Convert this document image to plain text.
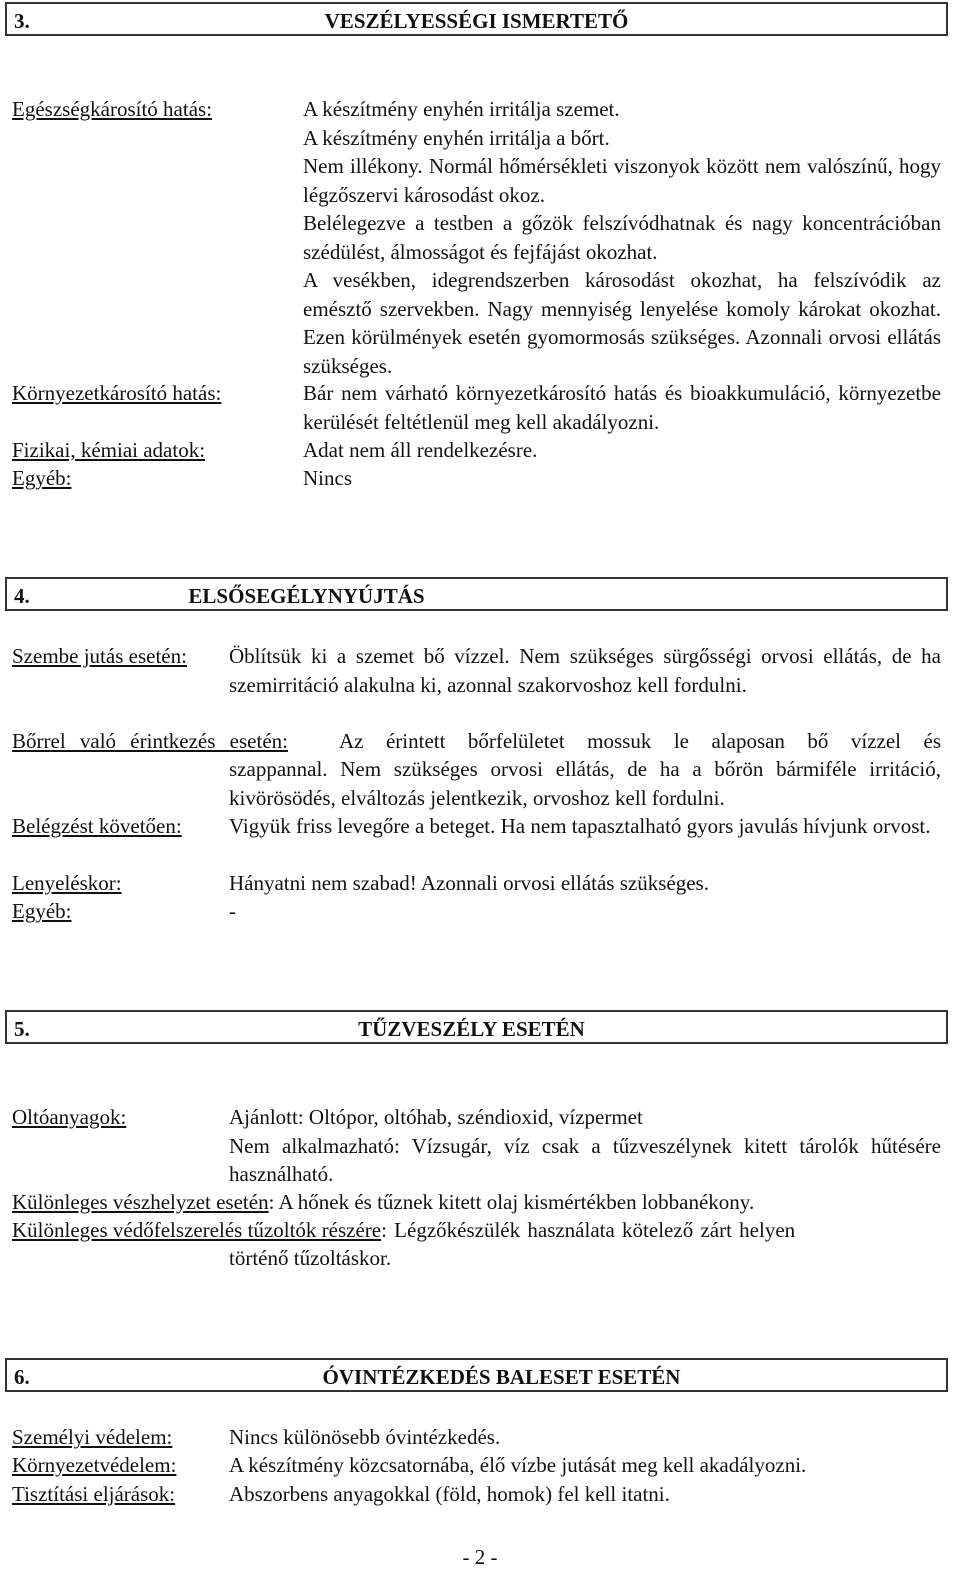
3.	VESZÉLYESSÉGI ISMERTETŐ
Egészségkárosító hatás:	A készítmény enyhén irritálja szemet.
A készítmény enyhén irritálja a bőrt.
Nem illékony. Normál hőmérsékleti viszonyok között nem valószínű, hogy légzőszervi károsodást okoz.
Belélegezve a testben a gőzök felszívódhatnak és nagy koncentrációban szédülést, álmosságot és fejfájást okozhat.
A vesékben, idegrendszerben károsodást okozhat, ha felszívódik az emésztő szervekben. Nagy mennyiség lenyelése komoly károkat okozhat. Ezen körülmények esetén gyomormosás szükséges. Azonnali orvosi ellátás szükséges.
Környezetkárosító hatás:	Bár nem várható környezetkárosító hatás és bioakkumuláció, környezetbe kerülését feltétlenül meg kell akadályozni.
Fizikai, kémiai adatok:	Adat nem áll rendelkezésre.
Egyéb:	Nincs
4.	ELSŐSEGÉLYNYÚJTÁS
Szembe jutás esetén: Öblítsük ki a szemet bő vízzel. Nem szükséges sürgősségi orvosi ellátás, de ha szemirritáció alakulna ki, azonnal szakorvoshoz kell fordulni.
Bőrrel való érintkezés esetén:	Az érintett bőrfelületet mossuk le alaposan bő vízzel és
szappannal. Nem szükséges orvosi ellátás, de ha a bőrön bármiféle irritáció, kivörösödés, elváltozás jelentkezik, orvoshoz kell fordulni.
Belégzést követően: Vigyük friss levegőre a beteget. Ha nem tapasztalható gyors javulás hívjunk orvost.
Lenyeléskor:	Hányatni nem szabad! Azonnali orvosi ellátás szükséges.
Egyéb:	-
5.	TŰZVESZÉLY ESETÉN
Oltóanyagok:	Ajánlott: Oltópor, oltóhab, széndioxid, vízpermet
Nem alkalmazható: Vízsugár, víz csak a tűzveszélynek kitett tárolók hűtésére használható.
Különleges vészhelyzet esetén: A hőnek és tűznek kitett olaj kismértékben lobbanékony.
Különleges védőfelszerelés tűzoltók részére: Légzőkészülék használata kötelező zárt helyen
történő tűzoltáskor.
6.	ÓVINTÉZKEDÉS BALESET ESETÉN
Személyi védelem:	Nincs különösebb óvintézkedés.
Környezetvédelem:	A készítmény közcsatornába, élő vízbe jutását meg kell akadályozni.
Tisztítási eljárások:	Abszorbens anyagokkal (föld, homok) fel kell itatni.
- 2 -
